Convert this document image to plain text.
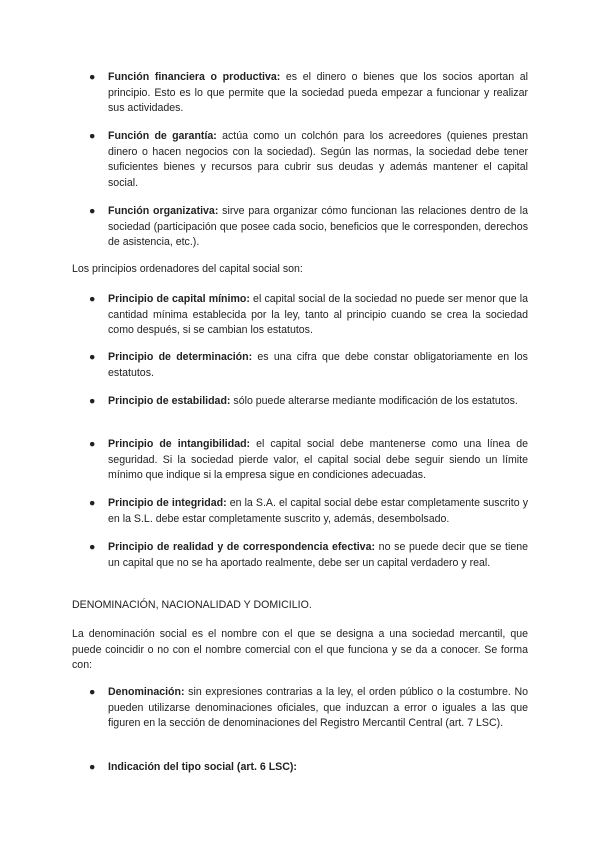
● Función financiera o productiva: es el dinero o bienes que los socios aportan al principio. Esto es lo que permite que la sociedad pueda empezar a funcionar y realizar sus actividades.
● Función de garantía: actúa como un colchón para los acreedores (quienes prestan dinero o hacen negocios con la sociedad). Según las normas, la sociedad debe tener suficientes bienes y recursos para cubrir sus deudas y además mantener el capital social.
● Función organizativa: sirve para organizar cómo funcionan las relaciones dentro de la sociedad (participación que posee cada socio, beneficios que le corresponden, derechos de asistencia, etc.).

Los principios ordenadores del capital social son:

● Principio de capital mínimo: el capital social de la sociedad no puede ser menor que la cantidad mínima establecida por la ley, tanto al principio cuando se crea la sociedad como después, si se cambian los estatutos.
● Principio de determinación: es una cifra que debe constar obligatoriamente en los estatutos.
● Principio de estabilidad: sólo puede alterarse mediante modificación de los estatutos.
● Principio de intangibilidad: el capital social debe mantenerse como una línea de seguridad. Si la sociedad pierde valor, el capital social debe seguir siendo un límite mínimo que indique si la empresa sigue en condiciones adecuadas.
● Principio de integridad: en la S.A. el capital social debe estar completamente suscrito y en la S.L. debe estar completamente suscrito y, además, desembolsado.
● Principio de realidad y de correspondencia efectiva: no se puede decir que se tiene un capital que no se ha aportado realmente, debe ser un capital verdadero y real.

DENOMINACIÓN, NACIONALIDAD Y DOMICILIO.

La denominación social es el nombre con el que se designa a una sociedad mercantil, que puede coincidir o no con el nombre comercial con el que funciona y se da a conocer. Se forma con:

● Denominación: sin expresiones contrarias a la ley, el orden público o la costumbre. No pueden utilizarse denominaciones oficiales, que induzcan a error o iguales a las que figuren en la sección de denominaciones del Registro Mercantil Central (art. 7 LSC).
● Indicación del tipo social (art. 6 LSC):
